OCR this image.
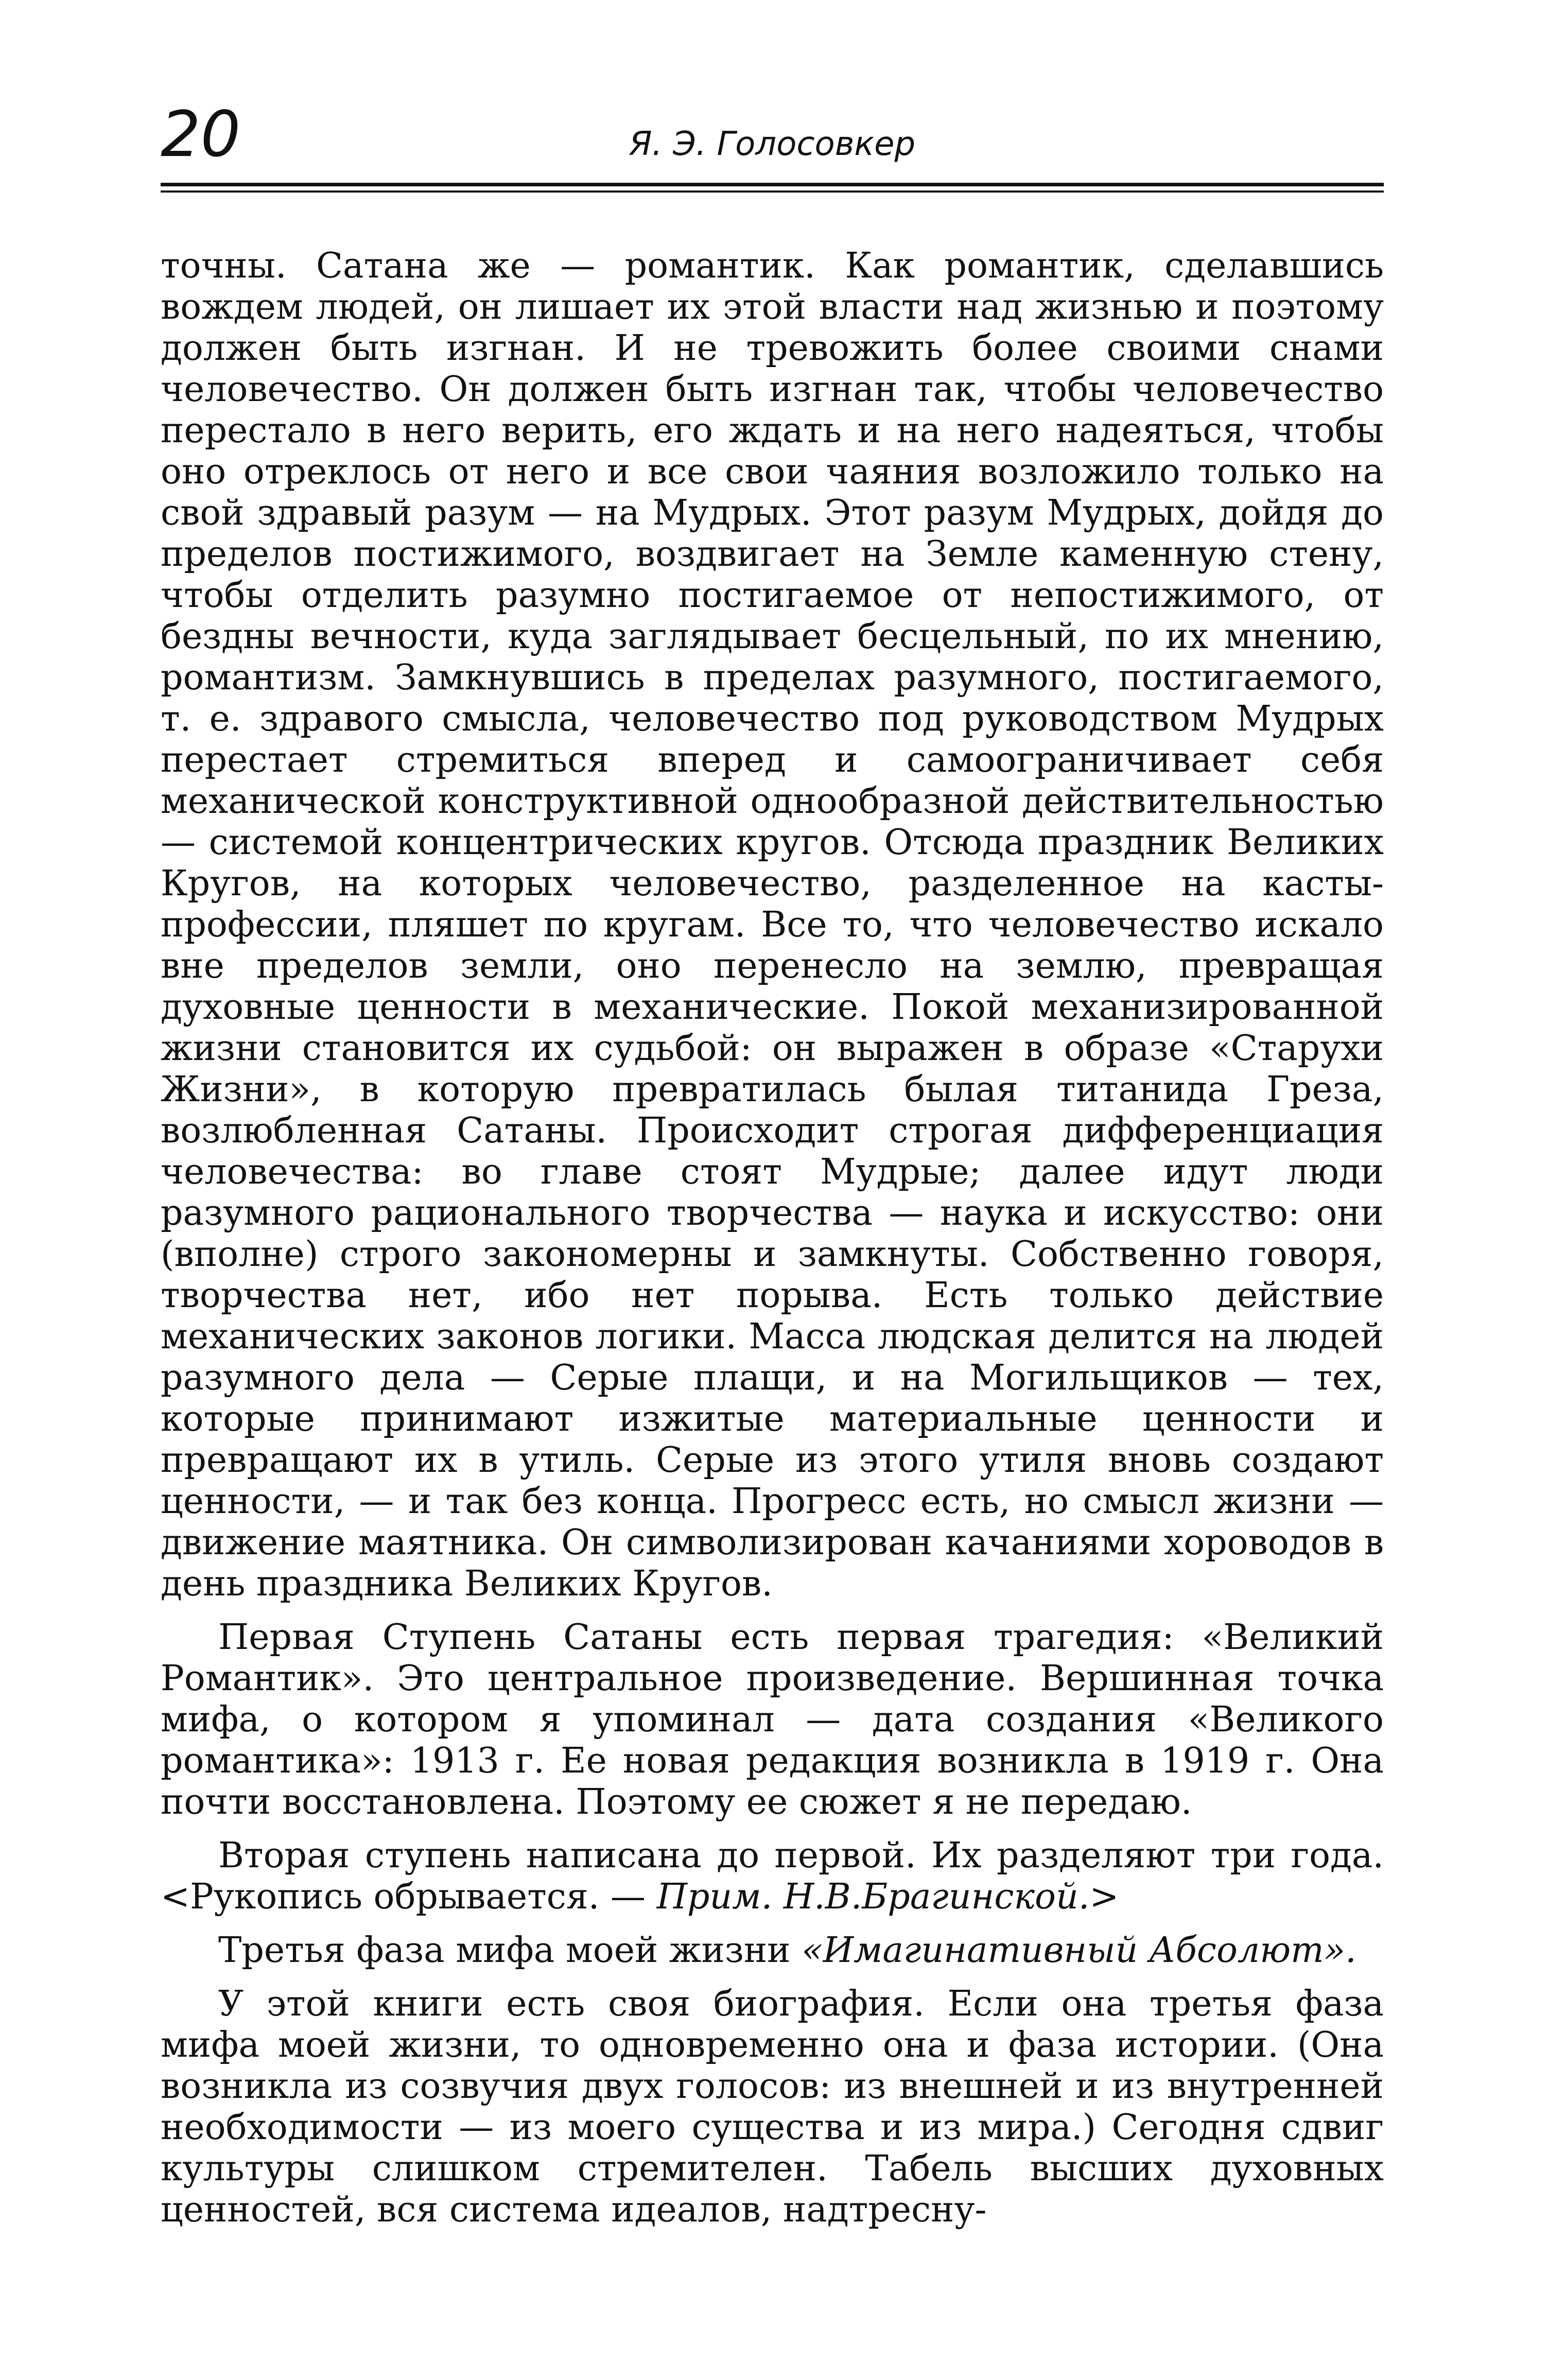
20	Я. Э. Голосовкер

точны. Сатана же — романтик. Как романтик, сделавшись вождем людей, он лишает их этой власти над жизнью и поэтому должен быть изгнан. И не тревожить более своими снами человечество. Он должен быть изгнан так, чтобы человечество перестало в него верить, его ждать и на него надеяться, чтобы оно отреклось от него и все свои чаяния возложило только на свой здравый разум — на Мудрых. Этот разум Мудрых, дойдя до пределов постижимого, воздвигает на Земле каменную стену, чтобы отделить разумно постигаемое от непостижимого, от бездны вечности, куда заглядывает бесцельный, по их мнению, романтизм. Замкнувшись в пределах разумного, постигаемого, т. е. здравого смысла, человечество под руководством Мудрых перестает стремиться вперед и самоограничивает себя механической конструктивной однообразной действительностью — системой концентрических кругов. Отсюда праздник Великих Кругов, на которых человечество, разделенное на касты-профессии, пляшет по кругам. Все то, что человечество искало вне пределов земли, оно перенесло на землю, превращая духовные ценности в механические. Покой механизированной жизни становится их судьбой: он выражен в образе «Старухи Жизни», в которую превратилась былая титанида Греза, возлюбленная Сатаны. Происходит строгая дифференциация человечества: во главе стоят Мудрые; далее идут люди разумного рационального творчества — наука и искусство: они (вполне) строго закономерны и замкнуты. Собственно говоря, творчества нет, ибо нет порыва. Есть только действие механических законов логики. Масса людская делится на людей разумного дела — Серые плащи, и на Могильщиков — тех, которые принимают изжитые материальные ценности и превращают их в утиль. Серые из этого утиля вновь создают ценности, — и так без конца. Прогресс есть, но смысл жизни — движение маятника. Он символизирован качаниями хороводов в день праздника Великих Кругов.

Первая Ступень Сатаны есть первая трагедия: «Великий Романтик». Это центральное произведение. Вершинная точка мифа, о котором я упоминал — дата создания «Великого романтика»: 1913 г. Ее новая редакция возникла в 1919 г. Она почти восстановлена. Поэтому ее сюжет я не передаю.

Вторая ступень написана до первой. Их разделяют три года. <Рукопись обрывается. — Прим. Н.В.Брагинской.>

Третья фаза мифа моей жизни «Имагинативный Абсолют».

У этой книги есть своя биография. Если она третья фаза мифа моей жизни, то одновременно она и фаза истории. (Она возникла из созвучия двух голосов: из внешней и из внутренней необходимости — из моего существа и из мира.) Сегодня сдвиг культуры слишком стремителен. Табель высших духовных ценностей, вся система идеалов, надтресну-
